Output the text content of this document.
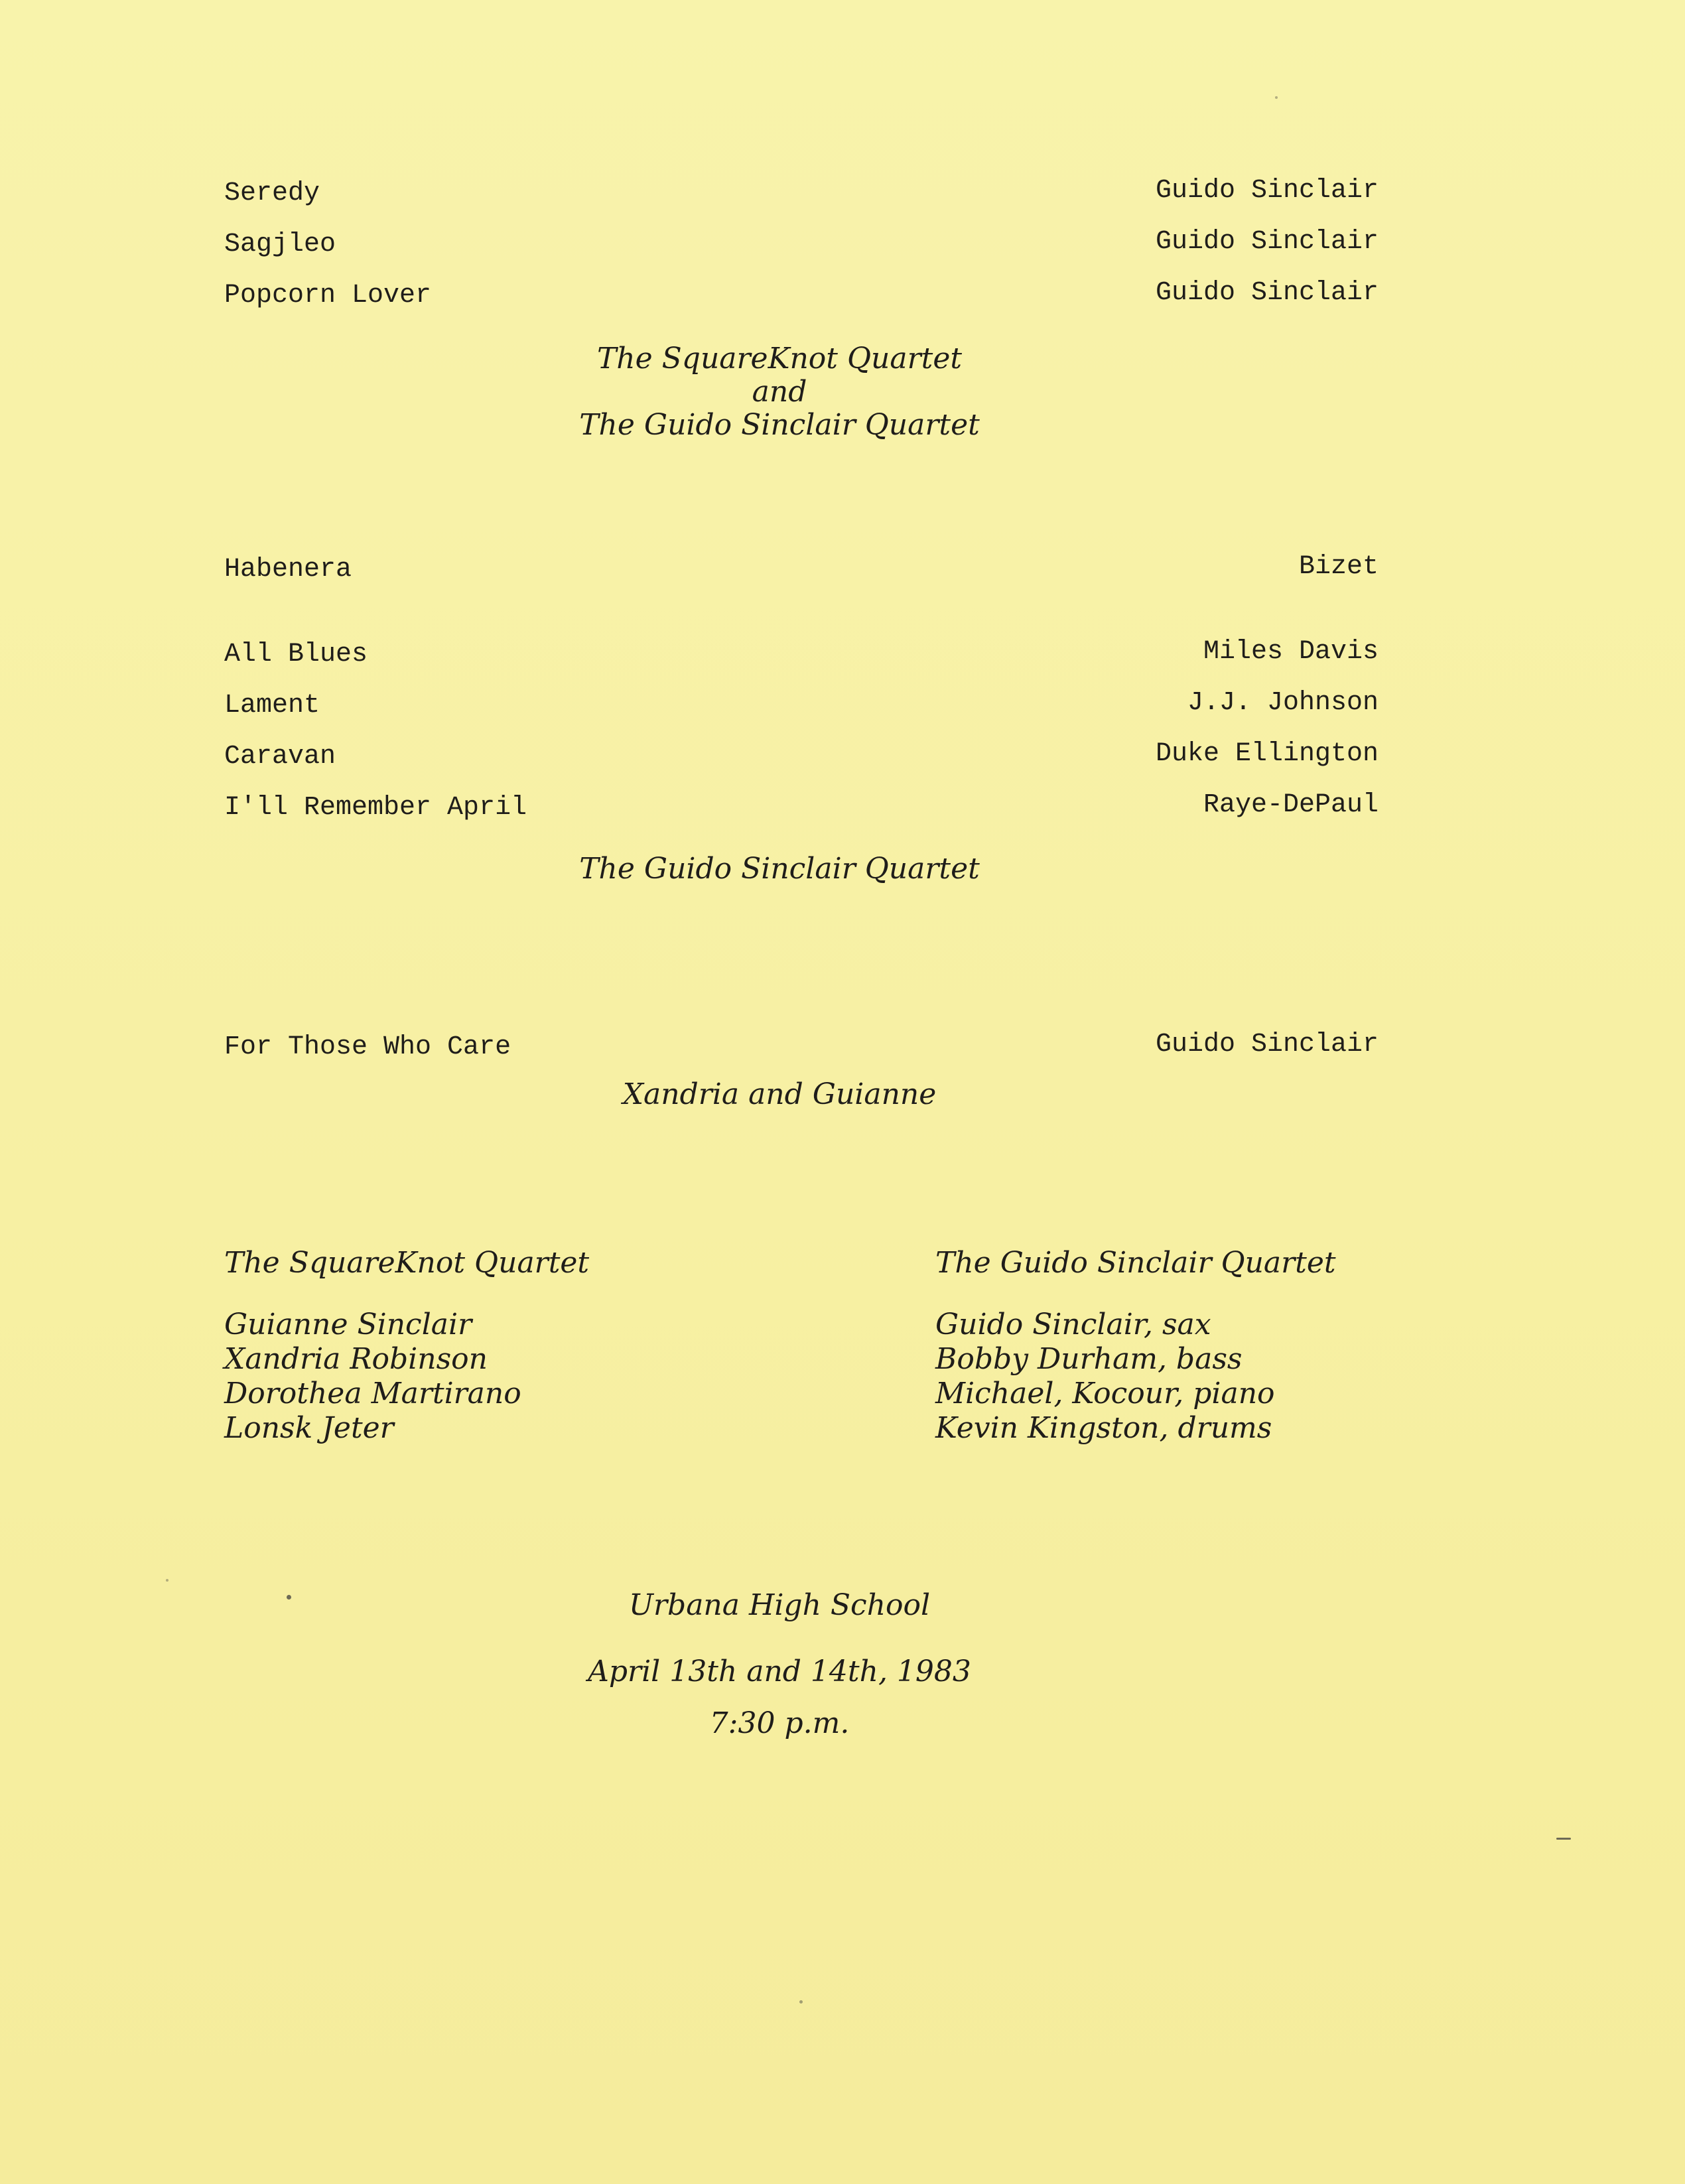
Seredy	Guido Sinclair
Sagjleo	Guido Sinclair
Popcorn Lover	Guido Sinclair
The SquareKnot Quartet
and
The Guido Sinclair Quartet
Habenera	Bizet
All Blues	Miles Davis
Lament	J.J. Johnson
Caravan	Duke Ellington
I'll Remember April	Raye-DePaul
The Guido Sinclair Quartet
For Those Who Care	Guido Sinclair
Xandria and Guianne
The SquareKnot Quartet
Guianne Sinclair
Xandria Robinson
Dorothea Martirano
Lonsk Jeter
The Guido Sinclair Quartet
Guido Sinclair, sax
Bobby Durham, bass
Michael, Kocour, piano
Kevin Kingston, drums
Urbana High School
April 13th and 14th, 1983
7:30 p.m.
